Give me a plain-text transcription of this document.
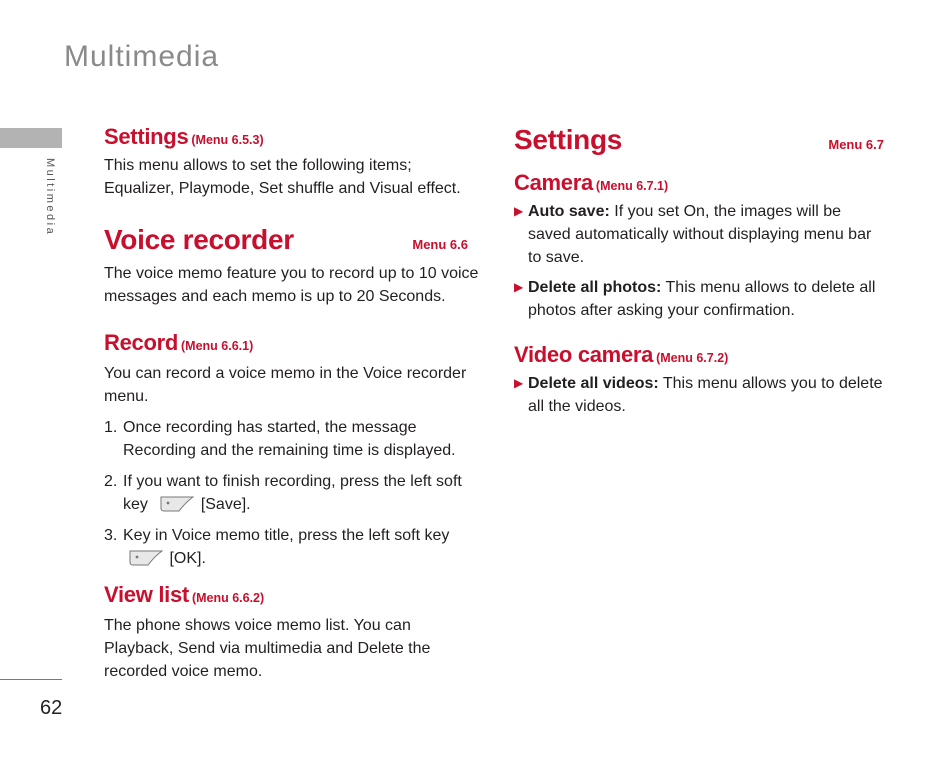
Multimedia
Multimedia
62
Settings (Menu 6.5.3)

This menu allows to set the following items; Equalizer, Playmode, Set shuffle and Visual effect.

Voice recorder	Menu 6.6

The voice memo feature you to record up to 10 voice messages and each memo is up to 20 Seconds.

Record (Menu 6.6.1)

You can record a voice memo in the Voice recorder menu.

1. Once recording has started, the message Recording and the remaining time is displayed.
2. If you want to finish recording, press the left soft key	[Save].
3. Key in Voice memo title, press the left soft key
[OK].
View list (Menu 6.6.2)

The phone shows voice memo list. You can Playback, Send via multimedia and Delete the recorded voice memo.

Settings	Menu 6.7
Camera (Menu 6.7.1)
▶ Auto save: If you set On, the images will be saved automatically without displaying menu bar to save.
▶ Delete all photos: This menu allows to delete all photos after asking your confirmation.
Video camera (Menu 6.7.2)
▶ Delete all videos: This menu allows you to delete all the videos.
